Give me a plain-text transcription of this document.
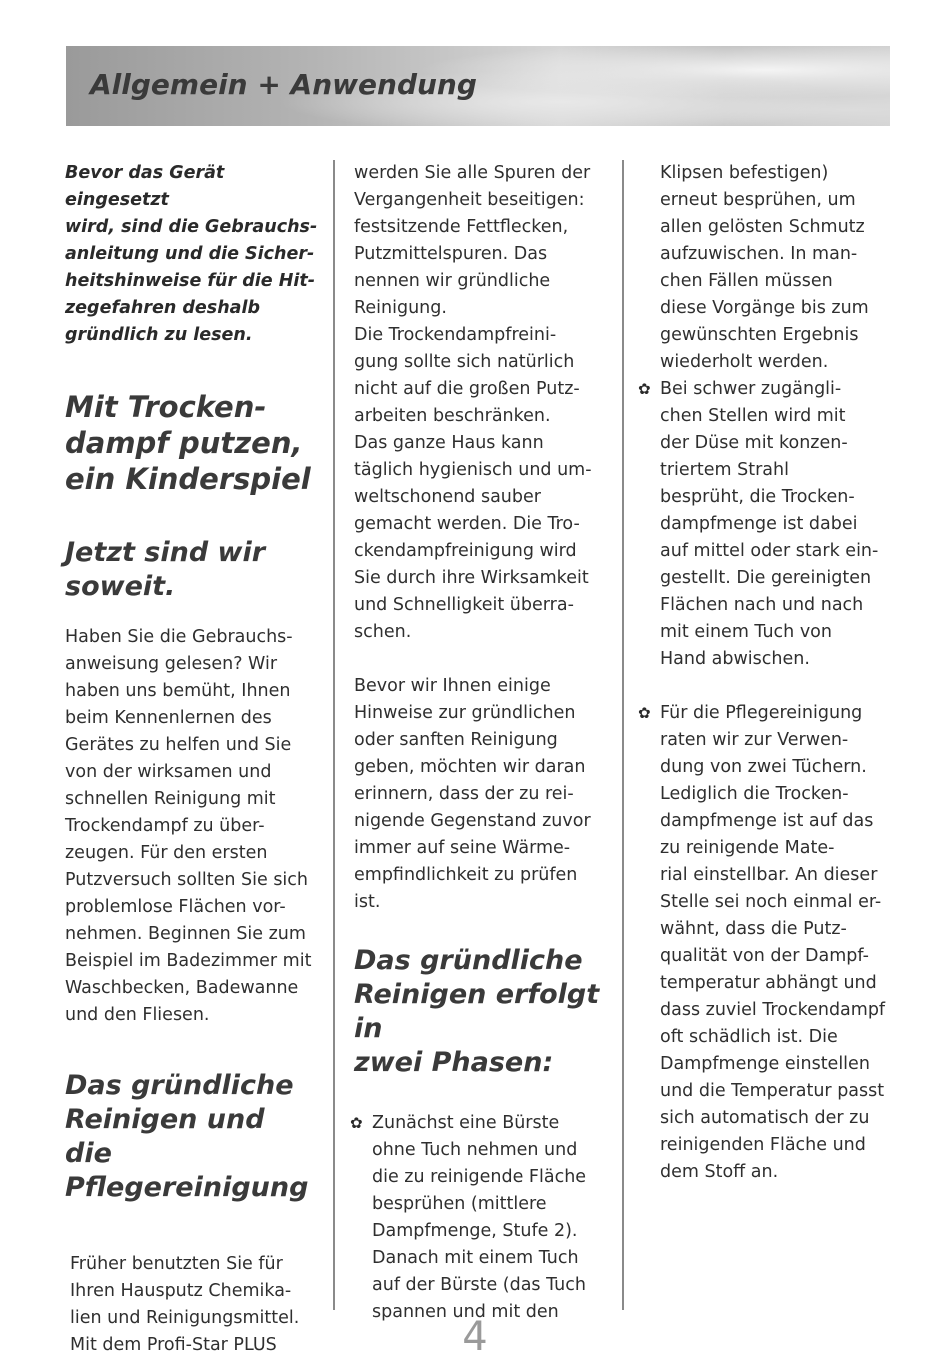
Allgemein + Anwendung

Bevor das Gerät eingesetzt
wird, sind die Gebrauchs-
anleitung und die Sicher-
heitshinweise für die Hit-
zegefahren deshalb
gründlich zu lesen.

Mit Trocken-
dampf putzen,
ein Kinderspiel

Jetzt sind wir
soweit.

Haben Sie die Gebrauchs-
anweisung gelesen? Wir
haben uns bemüht, Ihnen
beim Kennenlernen des
Gerätes zu helfen und Sie
von der wirksamen und
schnellen Reinigung mit
Trockendampf zu über-
zeugen. Für den ersten
Putzversuch sollten Sie sich
problemlose Flächen vor-
nehmen. Beginnen Sie zum
Beispiel im Badezimmer mit
Waschbecken, Badewanne
und den Fliesen.

Das gründliche
Reinigen und
die Pflegereinigung

Früher benutzten Sie für
Ihren Hausputz Chemika-
lien und Reinigungsmittel.
Mit dem Profi-Star PLUS

werden Sie alle Spuren der
Vergangenheit beseitigen:
festsitzende Fettflecken,
Putzmittelspuren. Das
nennen wir gründliche
Reinigung.
Die Trockendampfreini-
gung sollte sich natürlich
nicht auf die großen Putz-
arbeiten beschränken.
Das ganze Haus kann
täglich hygienisch und um-
weltschonend sauber
gemacht werden. Die Tro-
ckendampfreinigung wird
Sie durch ihre Wirksamkeit
und Schnelligkeit überra-
schen.

Bevor wir Ihnen einige
Hinweise zur gründlichen
oder sanften Reinigung
geben, möchten wir daran
erinnern, dass der zu rei-
nigende Gegenstand zuvor
immer auf seine Wärme-
empfindlichkeit zu prüfen
ist.

Das gründliche
Reinigen erfolgt in
zwei Phasen:

✿ Zunächst eine Bürste
ohne Tuch nehmen und
die zu reinigende Fläche
besprühen (mittlere
Dampfmenge, Stufe 2).
Danach mit einem Tuch
auf der Bürste (das Tuch
spannen und mit den

Klipsen befestigen)
erneut besprühen, um
allen gelösten Schmutz
aufzuwischen. In man-
chen Fällen müssen
diese Vorgänge bis zum
gewünschten Ergebnis
wiederholt werden.

✿ Bei schwer zugängli-
chen Stellen wird mit
der Düse mit konzen-
triertem Strahl
besprüht, die Trocken-
dampfmenge ist dabei
auf mittel oder stark ein-
gestellt. Die gereinigten
Flächen nach und nach
mit einem Tuch von
Hand abwischen.

✿ Für die Pflegereinigung
raten wir zur Verwen-
dung von zwei Tüchern.
Lediglich die Trocken-
dampfmenge ist auf das
zu reinigende Mate-
rial einstellbar. An dieser
Stelle sei noch einmal er-
wähnt, dass die Putz-
qualität von der Dampf-
temperatur abhängt und
dass zuviel Trockendampf
oft schädlich ist. Die
Dampfmenge einstellen
und die Temperatur passt
sich automatisch der zu
reinigenden Fläche und
dem Stoff an.

4
